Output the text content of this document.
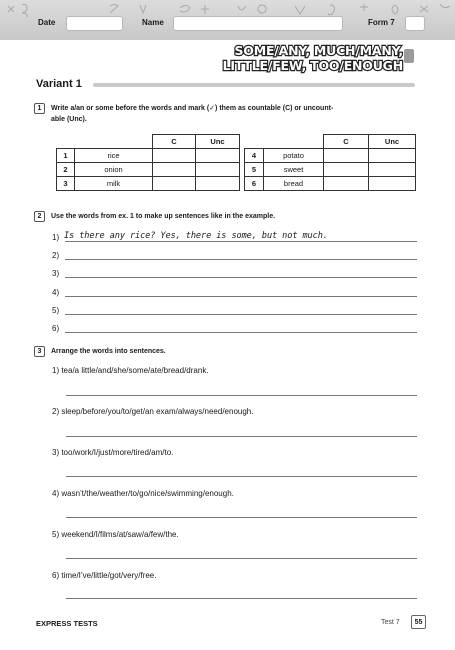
Date	Name	Form 7
SOME/ANY, MUCH/MANY,
LITTLE/FEW, TOO/ENOUGH
Variant 1
1	Write a/an or some before the words and mark (✓) them as countable (C) or uncount-
able (Unc).
		C	Unc
1	rice		
2	onion		
3	milk		
		C	Unc
4	potato		
5	sweet		
6	bread		
2	Use the words from ex. 1 to make up sentences like in the example.
1) Is there any rice? Yes, there is some, but not much.
2)
3)
4)
5)
6)
3	Arrange the words into sentences.
1) tea/a little/and/she/some/ate/bread/drank.
2) sleep/before/you/to/get/an exam/always/need/enough.
3) too/work/I/just/more/tired/am/to.
4) wasn’t/the/weather/to/go/nice/swimming/enough.
5) weekend/I/films/at/saw/a/few/the.
6) time/I’ve/little/got/very/free.
EXPRESS TESTS	Test 7	55
